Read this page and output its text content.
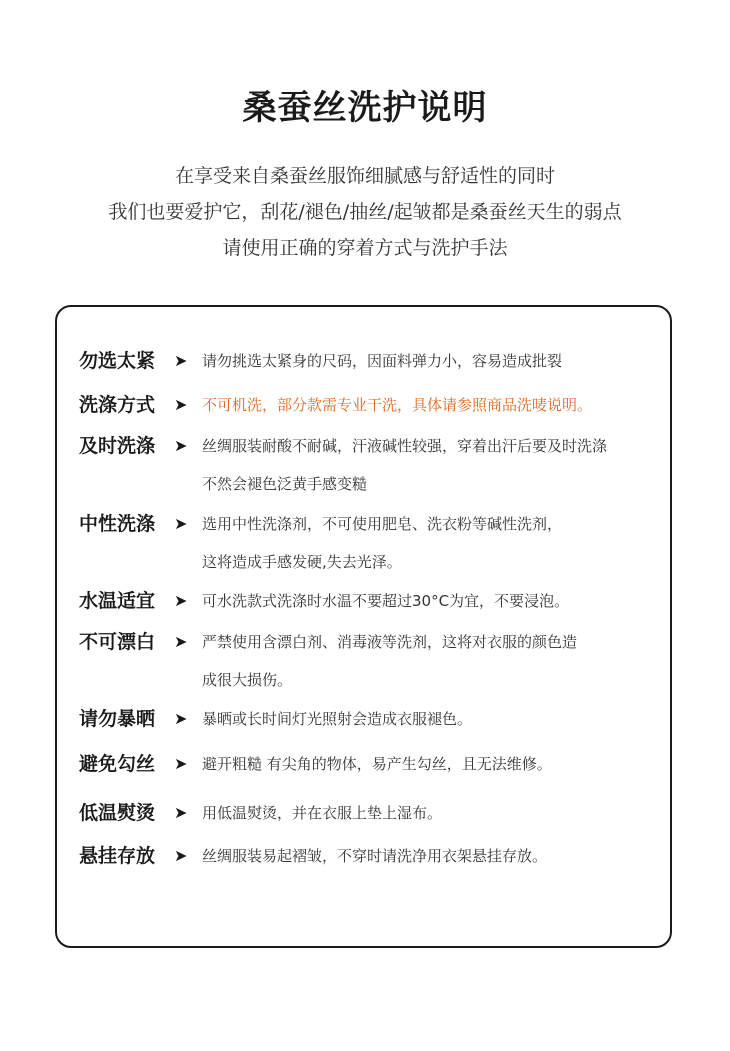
桑蚕丝洗护说明
在享受来自桑蚕丝服饰细腻感与舒适性的同时
我们也要爱护它，刮花/褪色/抽丝/起皱都是桑蚕丝天生的弱点
请使用正确的穿着方式与洗护手法
勿选太紧 ➤ 请勿挑选太紧身的尺码，因面料弹力小，容易造成批裂
洗涤方式 ➤ 不可机洗，部分款需专业干洗，具体请参照商品洗唛说明。
及时洗涤 ➤ 丝绸服装耐酸不耐碱，汗液碱性较强，穿着出汗后要及时洗涤
不然会褪色泛黄手感变糙
中性洗涤 ➤ 选用中性洗涤剂，不可使用肥皂、洗衣粉等碱性洗剂，
这将造成手感发硬,失去光泽。
水温适宜 ➤ 可水洗款式洗涤时水温不要超过30°C为宜，不要浸泡。
不可漂白 ➤ 严禁使用含漂白剂、消毒液等洗剂，这将对衣服的颜色造
成很大损伤。
请勿暴晒 ➤ 暴晒或长时间灯光照射会造成衣服褪色。
避免勾丝 ➤ 避开粗糙 有尖角的物体，易产生勾丝，且无法维修。
低温熨烫 ➤ 用低温熨烫，并在衣服上垫上湿布。
悬挂存放 ➤ 丝绸服装易起褶皱，不穿时请洗净用衣架悬挂存放。
